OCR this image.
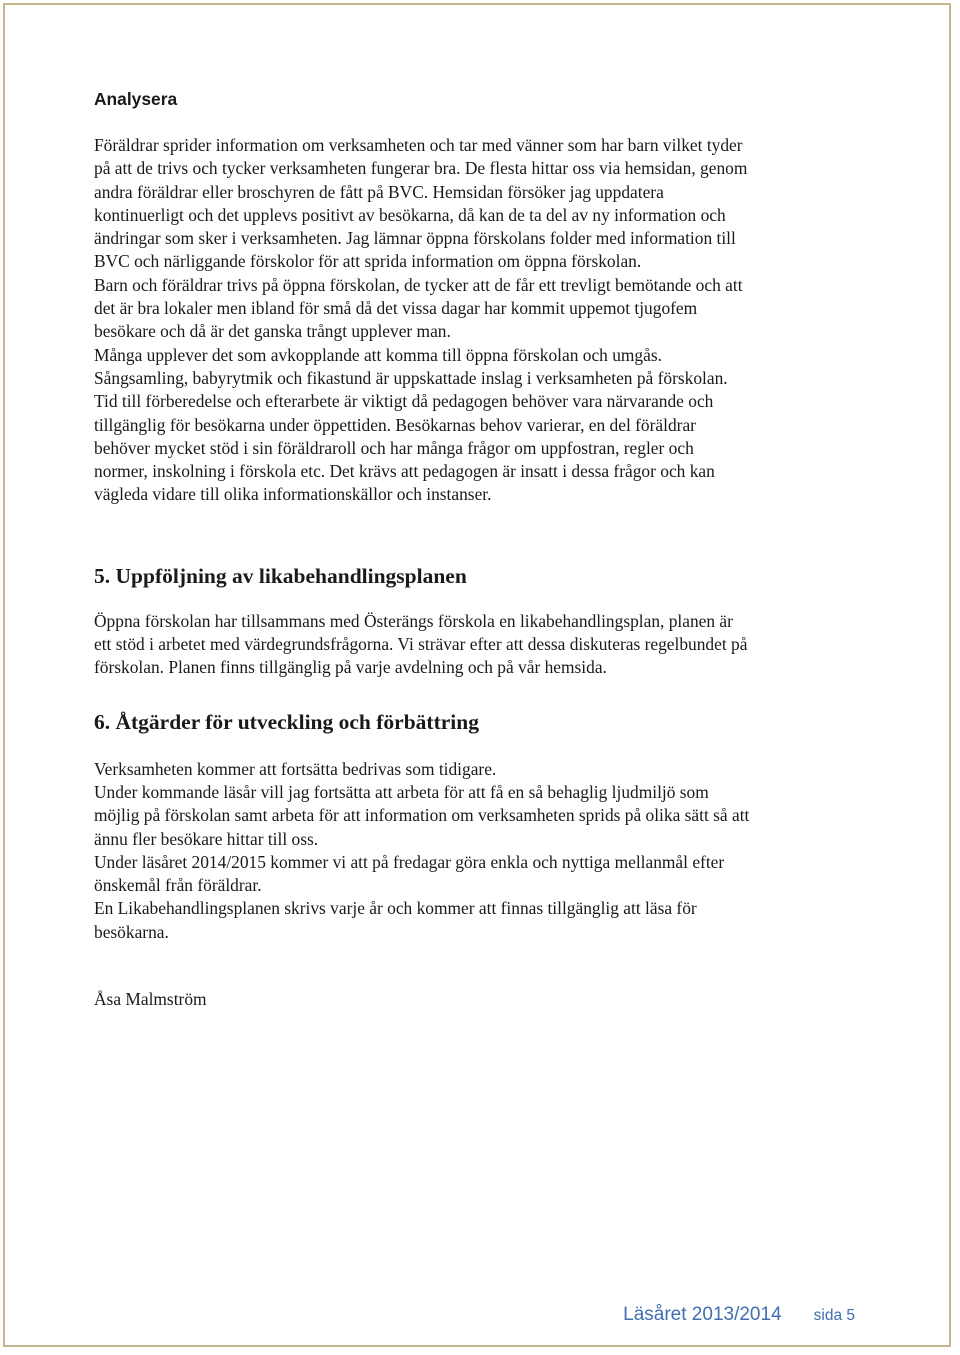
Analysera
Föräldrar sprider information om verksamheten och tar med vänner som har barn vilket tyder
på att de trivs och tycker verksamheten fungerar bra. De flesta hittar oss via hemsidan, genom
andra föräldrar eller broschyren de fått på BVC. Hemsidan försöker jag uppdatera
kontinuerligt och det upplevs positivt av besökarna, då kan de ta del av ny information och
ändringar som sker i verksamheten. Jag lämnar öppna förskolans folder med information till
BVC och närliggande förskolor för att sprida information om öppna förskolan.
Barn och föräldrar trivs på öppna förskolan, de tycker att de får ett trevligt bemötande och att
det är bra lokaler men ibland för små då det vissa dagar har kommit uppemot tjugofem
besökare och då är det ganska trångt upplever man.
Många upplever det som avkopplande att komma till öppna förskolan och umgås.
Sångsamling, babyrytmik och fikastund är uppskattade inslag i verksamheten på förskolan.
Tid till förberedelse och efterarbete är viktigt då pedagogen behöver vara närvarande och
tillgänglig för besökarna under öppettiden. Besökarnas behov varierar, en del föräldrar
behöver mycket stöd i sin föräldraroll och har många frågor om uppfostran, regler och
normer, inskolning i förskola etc. Det krävs att pedagogen är insatt i dessa frågor och kan
vägleda vidare till olika informationskällor och instanser.
5. Uppföljning av likabehandlingsplanen
Öppna förskolan har tillsammans med Österängs förskola en likabehandlingsplan, planen är
ett stöd i arbetet med värdegrundsfrågorna. Vi strävar efter att dessa diskuteras regelbundet på
förskolan. Planen finns tillgänglig på varje avdelning och på vår hemsida.
6. Åtgärder för utveckling och förbättring
Verksamheten kommer att fortsätta bedrivas som tidigare.
Under kommande läsår vill jag fortsätta att arbeta för att få en så behaglig ljudmiljö som
möjlig på förskolan samt arbeta för att information om verksamheten sprids på olika sätt så att
ännu fler besökare hittar till oss.
Under läsåret 2014/2015 kommer vi att på fredagar göra enkla och nyttiga mellanmål efter
önskemål från föräldrar.
En Likabehandlingsplanen skrivs varje år och kommer att finnas tillgänglig att läsa för
besökarna.
Åsa Malmström
Läsåret 2013/2014 sida 5
